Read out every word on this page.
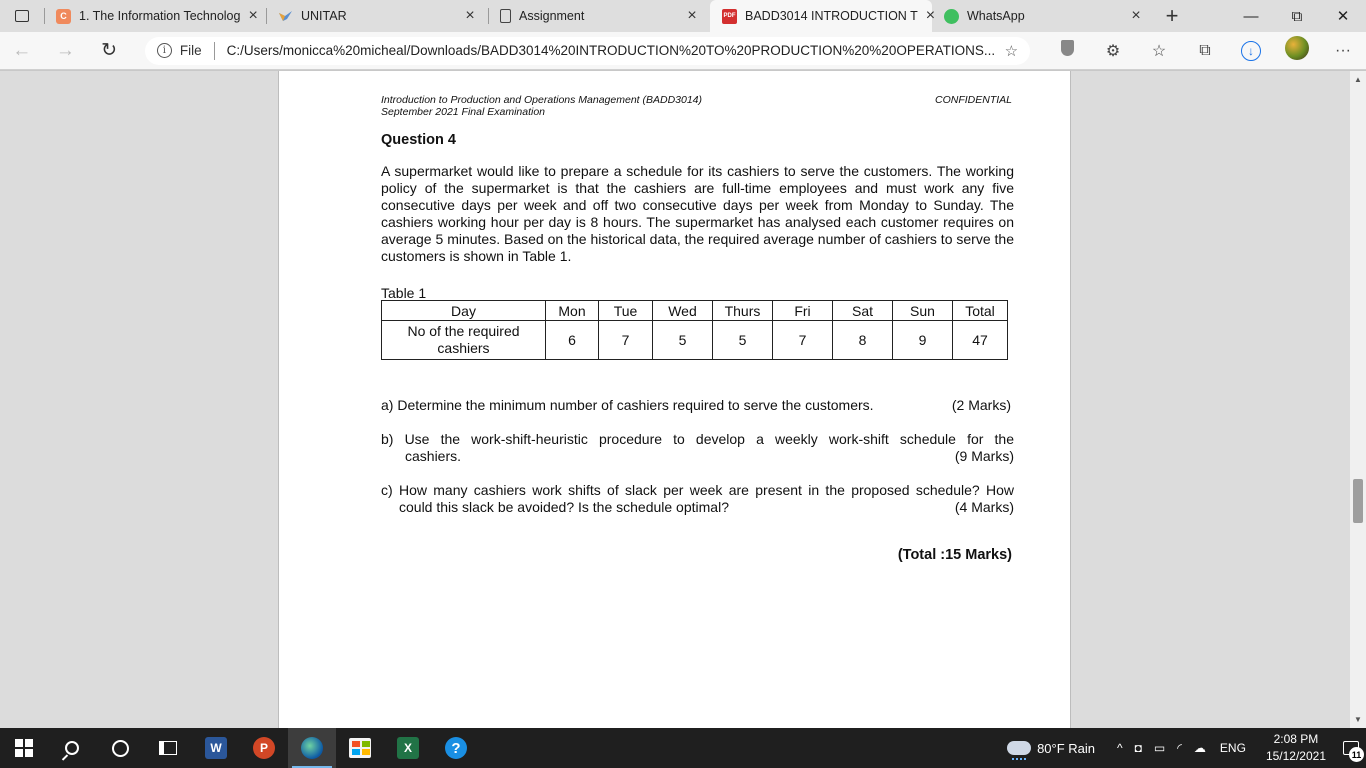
C 1. The Information Technolog ×	UNITAR	×	Assignment	×	PDF BADD3014 INTRODUCTION T ×	WhatsApp	×	+	—	⧉	✕
←	→	↻	i	File C:/Users/monicca%20micheal/Downloads/BADD3014%20INTRODUCTION%20TO%20PRODUCTION%20%20OPERATIONS... ☆	⚙	☆	⧉	↓	···
Introduction to Production and Operations Management (BADD3014)
September 2021 Final Examination
CONFIDENTIAL
Question 4
A supermarket would like to prepare a schedule for its cashiers to serve the customers. The working policy of the supermarket is that the cashiers are full-time employees and must work any five consecutive days per week and off two consecutive days per week from Monday to Sunday. The cashiers working hour per day is 8 hours. The supermarket has analysed each customer requires on average 5 minutes. Based on the historical data, the required average number of cashiers to serve the customers is shown in Table 1.
Table 1
Day	Mon	Tue	Wed	Thurs	Fri	Sat	Sun	Total

No of the required
cashiers	6	7	5	5	7	8	9	47
a) Determine the minimum number of cashiers required to serve the customers.	(2 Marks)
b) Use the work-shift-heuristic procedure to develop a weekly work-shift schedule for the
cashiers.	(9 Marks)
c) How many cashiers work shifts of slack per week are present in the proposed schedule? How
could this slack be avoided? Is the schedule optimal?	(4 Marks)
(Total :15 Marks)
▲
▼
W	P	X	?	80°F Rain ^ ◘ ▭ ◜ ☁ ENG
2:08 PM
15/12/2021	11
